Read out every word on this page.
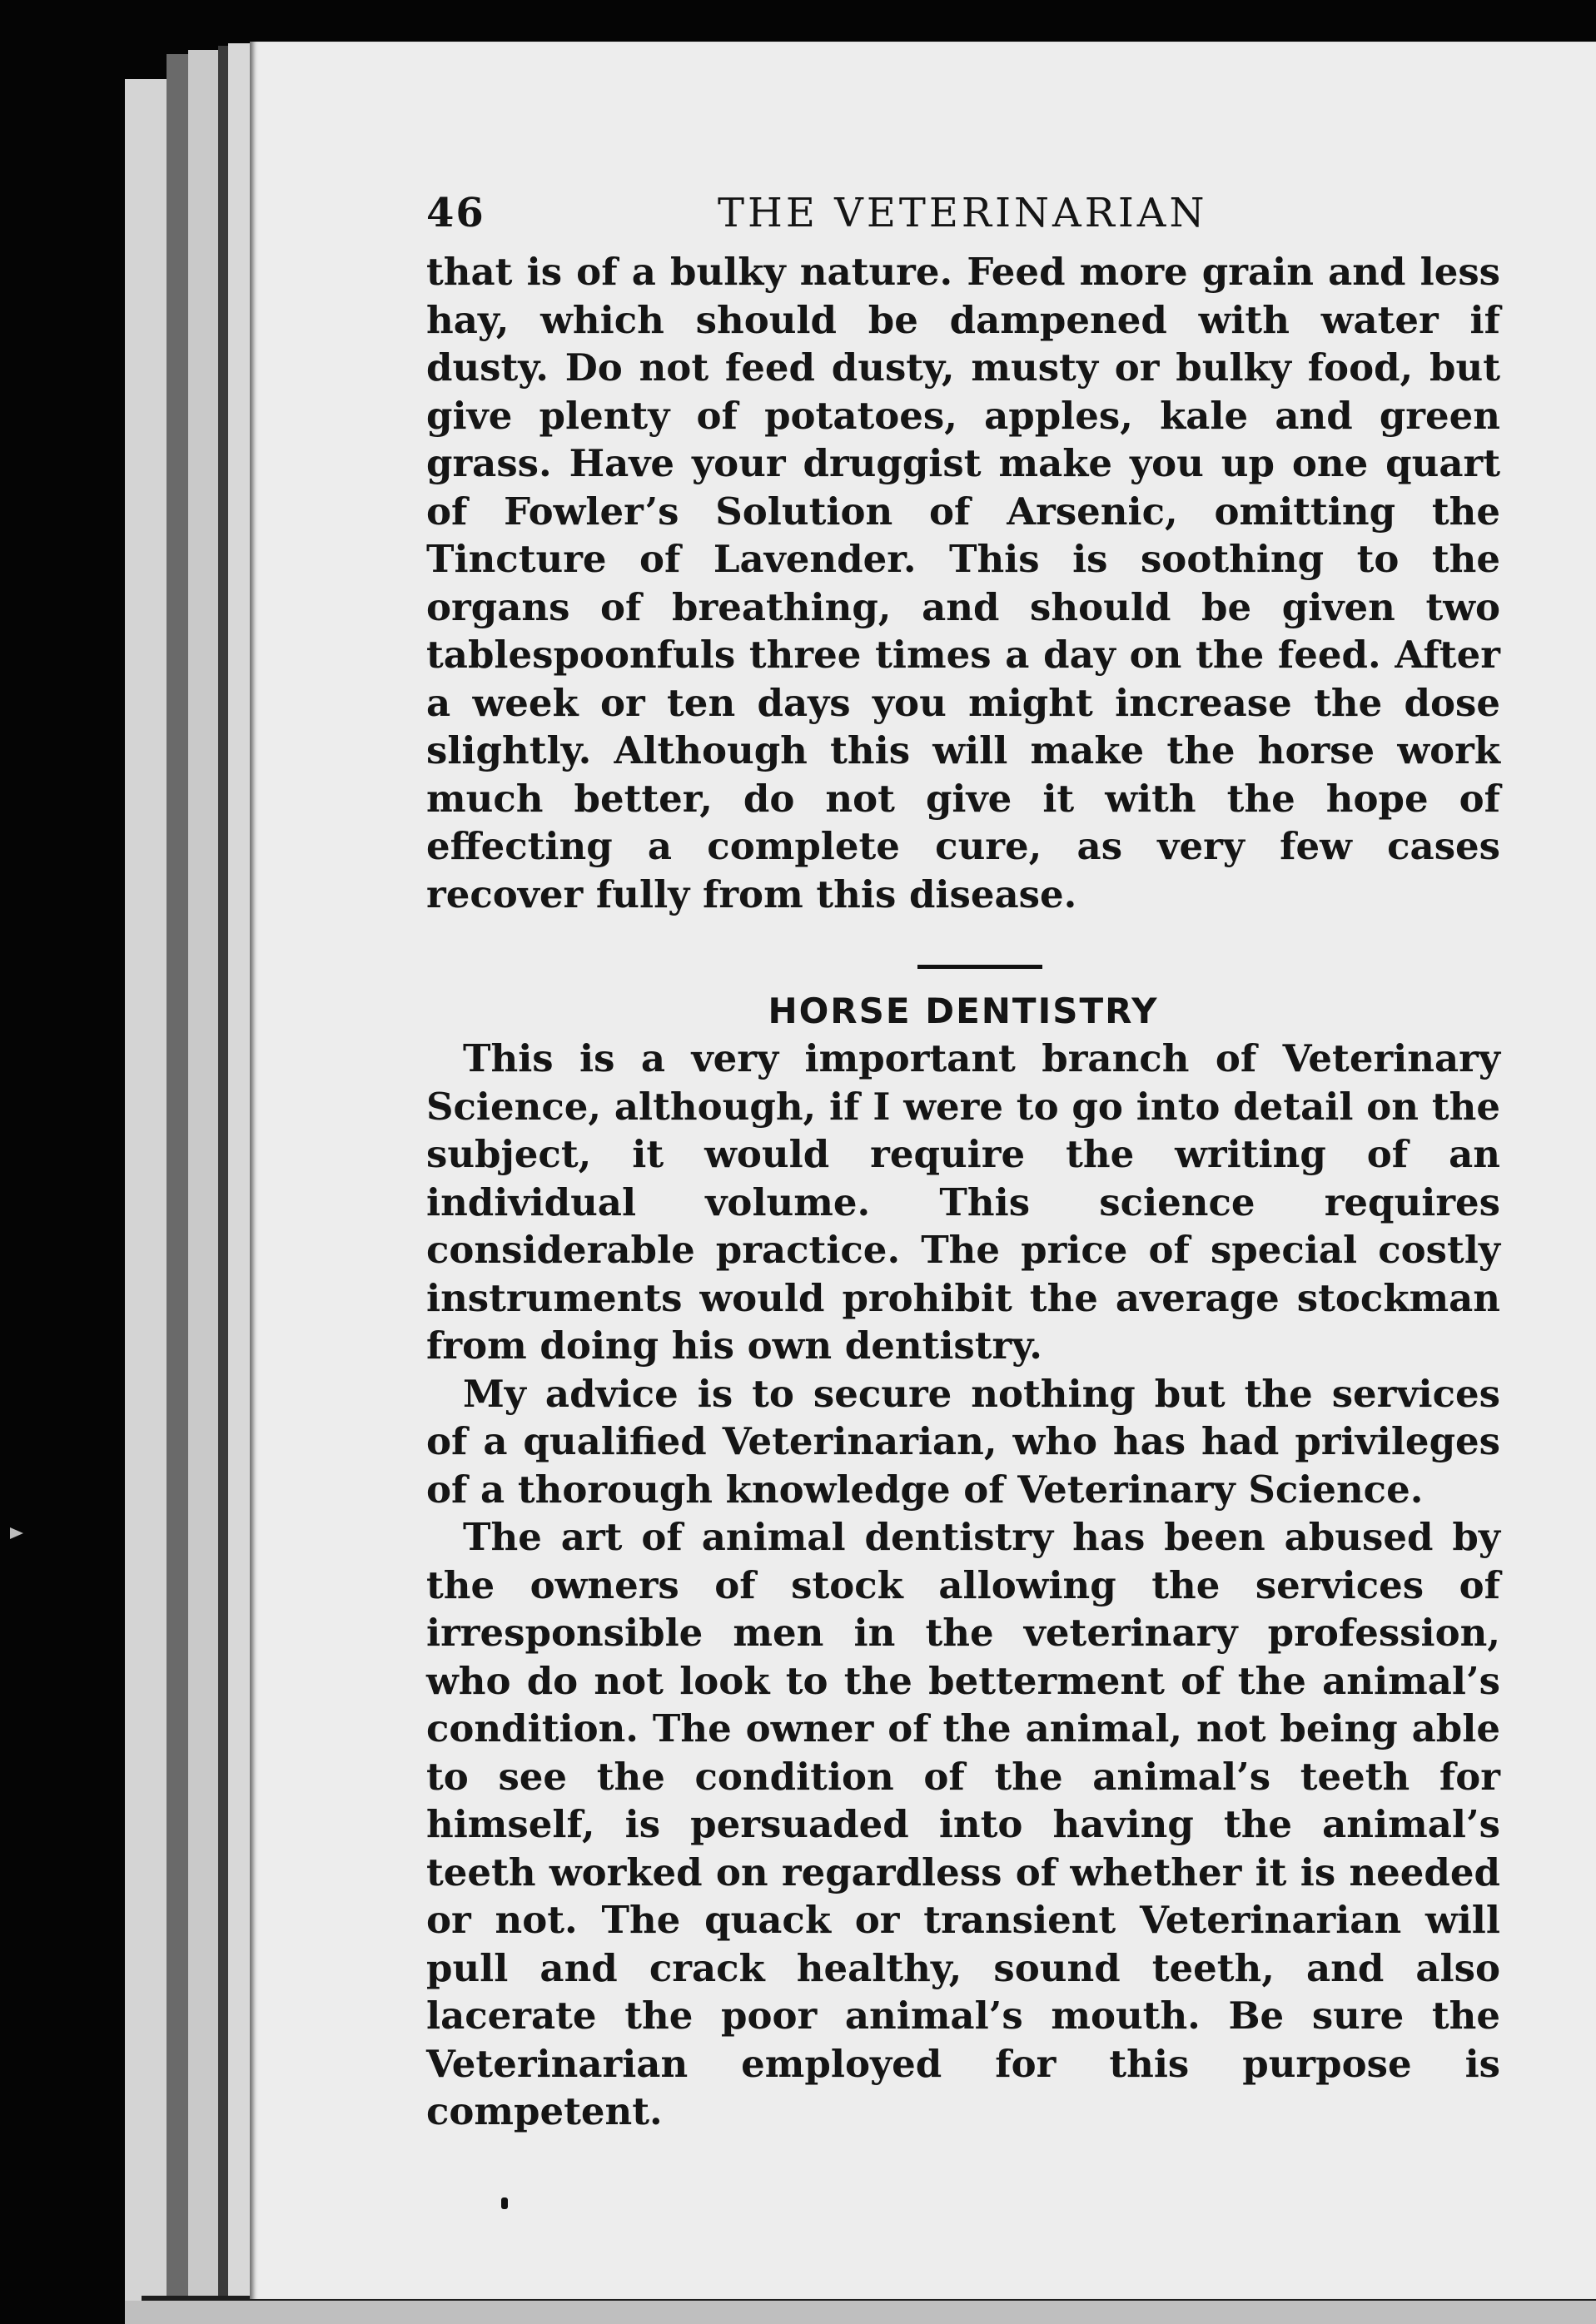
46	THE VETERINARIAN

that is of a bulky nature. Feed more grain and less hay, which should be dampened with water if dusty. Do not feed dusty, musty or bulky food, but give plenty of potatoes, apples, kale and green grass. Have your druggist make you up one quart of Fowler’s Solution of Arsenic, omitting the Tincture of Lavender. This is soothing to the organs of breathing, and should be given two tablespoonfuls three times a day on the feed. After a week or ten days you might increase the dose slightly. Although this will make the horse work much better, do not give it with the hope of effecting a complete cure, as very few cases recover fully from this disease.

HORSE DENTISTRY

This is a very important branch of Veterinary Science, although, if I were to go into detail on the subject, it would require the writing of an individual volume. This science requires considerable practice. The price of special costly instruments would prohibit the average stockman from doing his own dentistry.

My advice is to secure nothing but the services of a qualified Veterinarian, who has had privileges of a thorough knowledge of Veterinary Science.

The art of animal dentistry has been abused by the owners of stock allowing the services of irresponsible men in the veterinary profession, who do not look to the betterment of the animal’s condition. The owner of the animal, not being able to see the condition of the animal’s teeth for himself, is persuaded into having the animal’s teeth worked on regardless of whether it is needed or not. The quack or transient Veterinarian will pull and crack healthy, sound teeth, and also lacerate the poor animal’s mouth. Be sure the Veterinarian employed for this purpose is competent.
